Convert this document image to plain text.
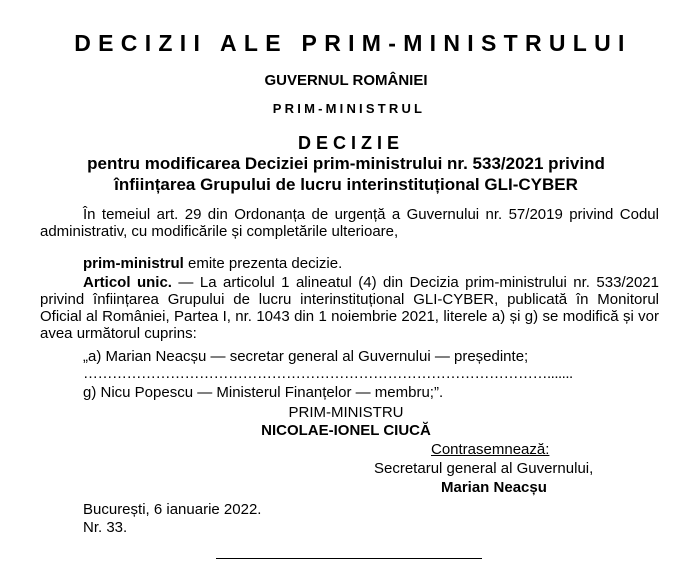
DECIZII ALE PRIM-MINISTRULUI
GUVERNUL ROMÂNIEI
PRIM-MINISTRUL
DECIZIE
pentru modificarea Deciziei prim-ministrului nr. 533/2021 privind
înființarea Grupului de lucru interinstituțional GLI-CYBER

În temeiul art. 29 din Ordonanța de urgență a Guvernului nr. 57/2019 privind Codul administrativ, cu modificările și completările ulterioare,

prim-ministrul emite prezenta decizie.

Articol unic. — La articolul 1 alineatul (4) din Decizia prim-ministrului nr. 533/2021 privind înființarea Grupului de lucru interinstituțional GLI-CYBER, publicată în Monitorul Oficial al României, Partea I, nr. 1043 din 1 noiembrie 2021, literele a) și g) se modifică și vor avea următorul cuprins:

„a) Marian Neacșu — secretar general al Guvernului — președinte;
…………………………………………………………………………………….......
g) Nicu Popescu — Ministerul Finanțelor — membru;”.
PRIM-MINISTRU
NICOLAE-IONEL CIUCĂ
Contrasemnează:
Secretarul general al Guvernului,
Marian Neacșu
București, 6 ianuarie 2022.
Nr. 33.
